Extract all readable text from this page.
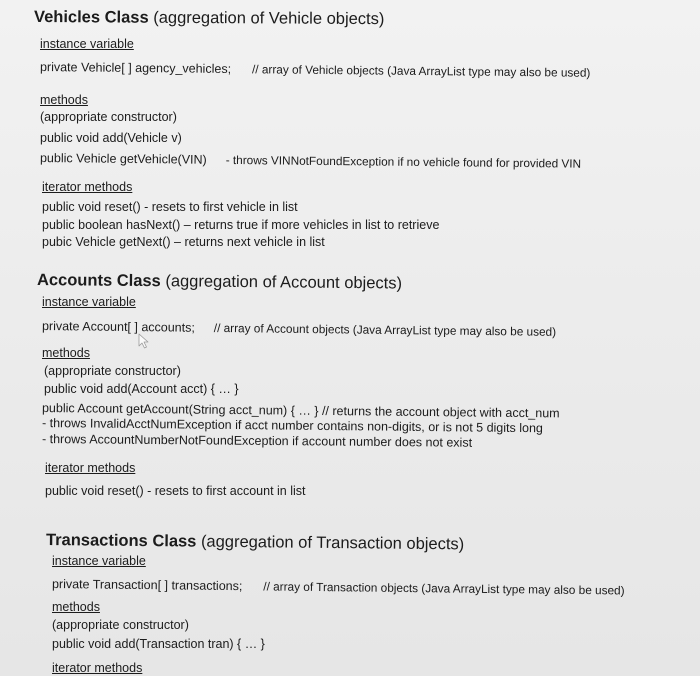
Vehicles Class (aggregation of Vehicle objects)
instance variable
private Vehicle[ ] agency_vehicles; // array of Vehicle objects (Java ArrayList type may also be used)
methods
(appropriate constructor)
public void add(Vehicle v)
public Vehicle getVehicle(VIN) - throws VINNotFoundException if no vehicle found for provided VIN
iterator methods
public void reset() - resets to first vehicle in list
public boolean hasNext() – returns true if more vehicles in list to retrieve
pubic Vehicle getNext() – returns next vehicle in list
Accounts Class (aggregation of Account objects)
instance variable
private Account[ ] accounts; // array of Account objects (Java ArrayList type may also be used)
methods
(appropriate constructor)
public void add(Account acct) { … }
public Account getAccount(String acct_num) { … } // returns the account object with acct_num
- throws InvalidAcctNumException if acct number contains non-digits, or is not 5 digits long
- throws AccountNumberNotFoundException if account number does not exist
iterator methods
public void reset() - resets to first account in list
Transactions Class (aggregation of Transaction objects)
instance variable
private Transaction[ ] transactions; // array of Transaction objects (Java ArrayList type may also be used)
methods
(appropriate constructor)
public void add(Transaction tran) { … }
iterator methods
